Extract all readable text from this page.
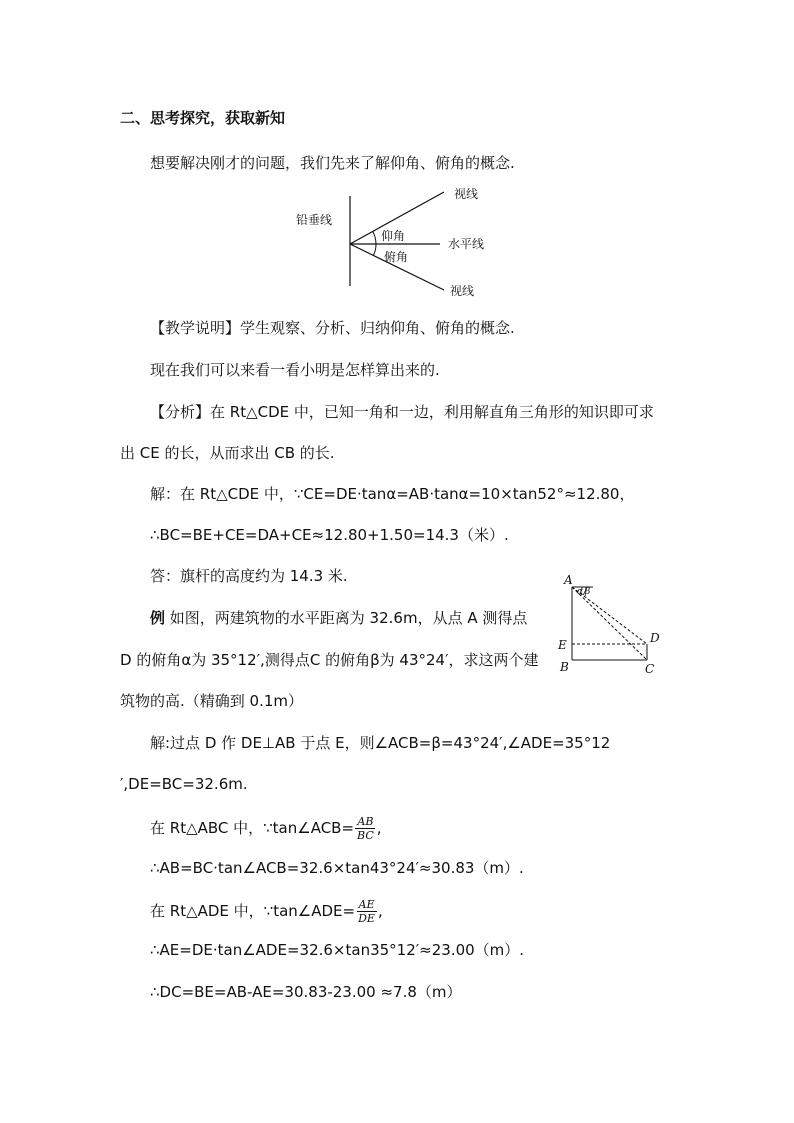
二、思考探究，获取新知
想要解决刚才的问题，我们先来了解仰角、俯角的概念.
铅垂线
视线
仰角
水平线
俯角
视线
【教学说明】学生观察、分析、归纳仰角、俯角的概念.
现在我们可以来看一看小明是怎样算出来的.
【分析】在 Rt△CDE 中，已知一角和一边，利用解直角三角形的知识即可求
出 CE 的长，从而求出 CB 的长.
解：在 Rt△CDE 中，∵CE=DE·tanα=AB·tanα=10×tan52°≈12.80，
∴BC=BE+CE=DA+CE≈12.80+1.50=14.3（米）.
答：旗杆的高度约为 14.3 米.
例 如图，两建筑物的水平距离为 32.6m，从点 A 测得点
D 的俯角α为 35°12′,测得点C 的俯角β为 43°24′，求这两个建
筑物的高.（精确到 0.1m）
A
E
B
D
C
α β
解:过点 D 作 DE⊥AB 于点 E，则∠ACB=β=43°24′,∠ADE=35°12
′,DE=BC=32.6m.
在 Rt△ABC 中，∵tan∠ACB= $\frac{AB}{BC}$ ,
∴AB=BC·tan∠ACB=32.6×tan43°24′≈30.83（m）.
在 Rt△ADE 中，∵tan∠ADE= $\frac{AE}{DE}$ ,
∴AE=DE·tan∠ADE=32.6×tan35°12′≈23.00（m）.
∴DC=BE=AB-AE=30.83-23.00 ≈7.8（m）
